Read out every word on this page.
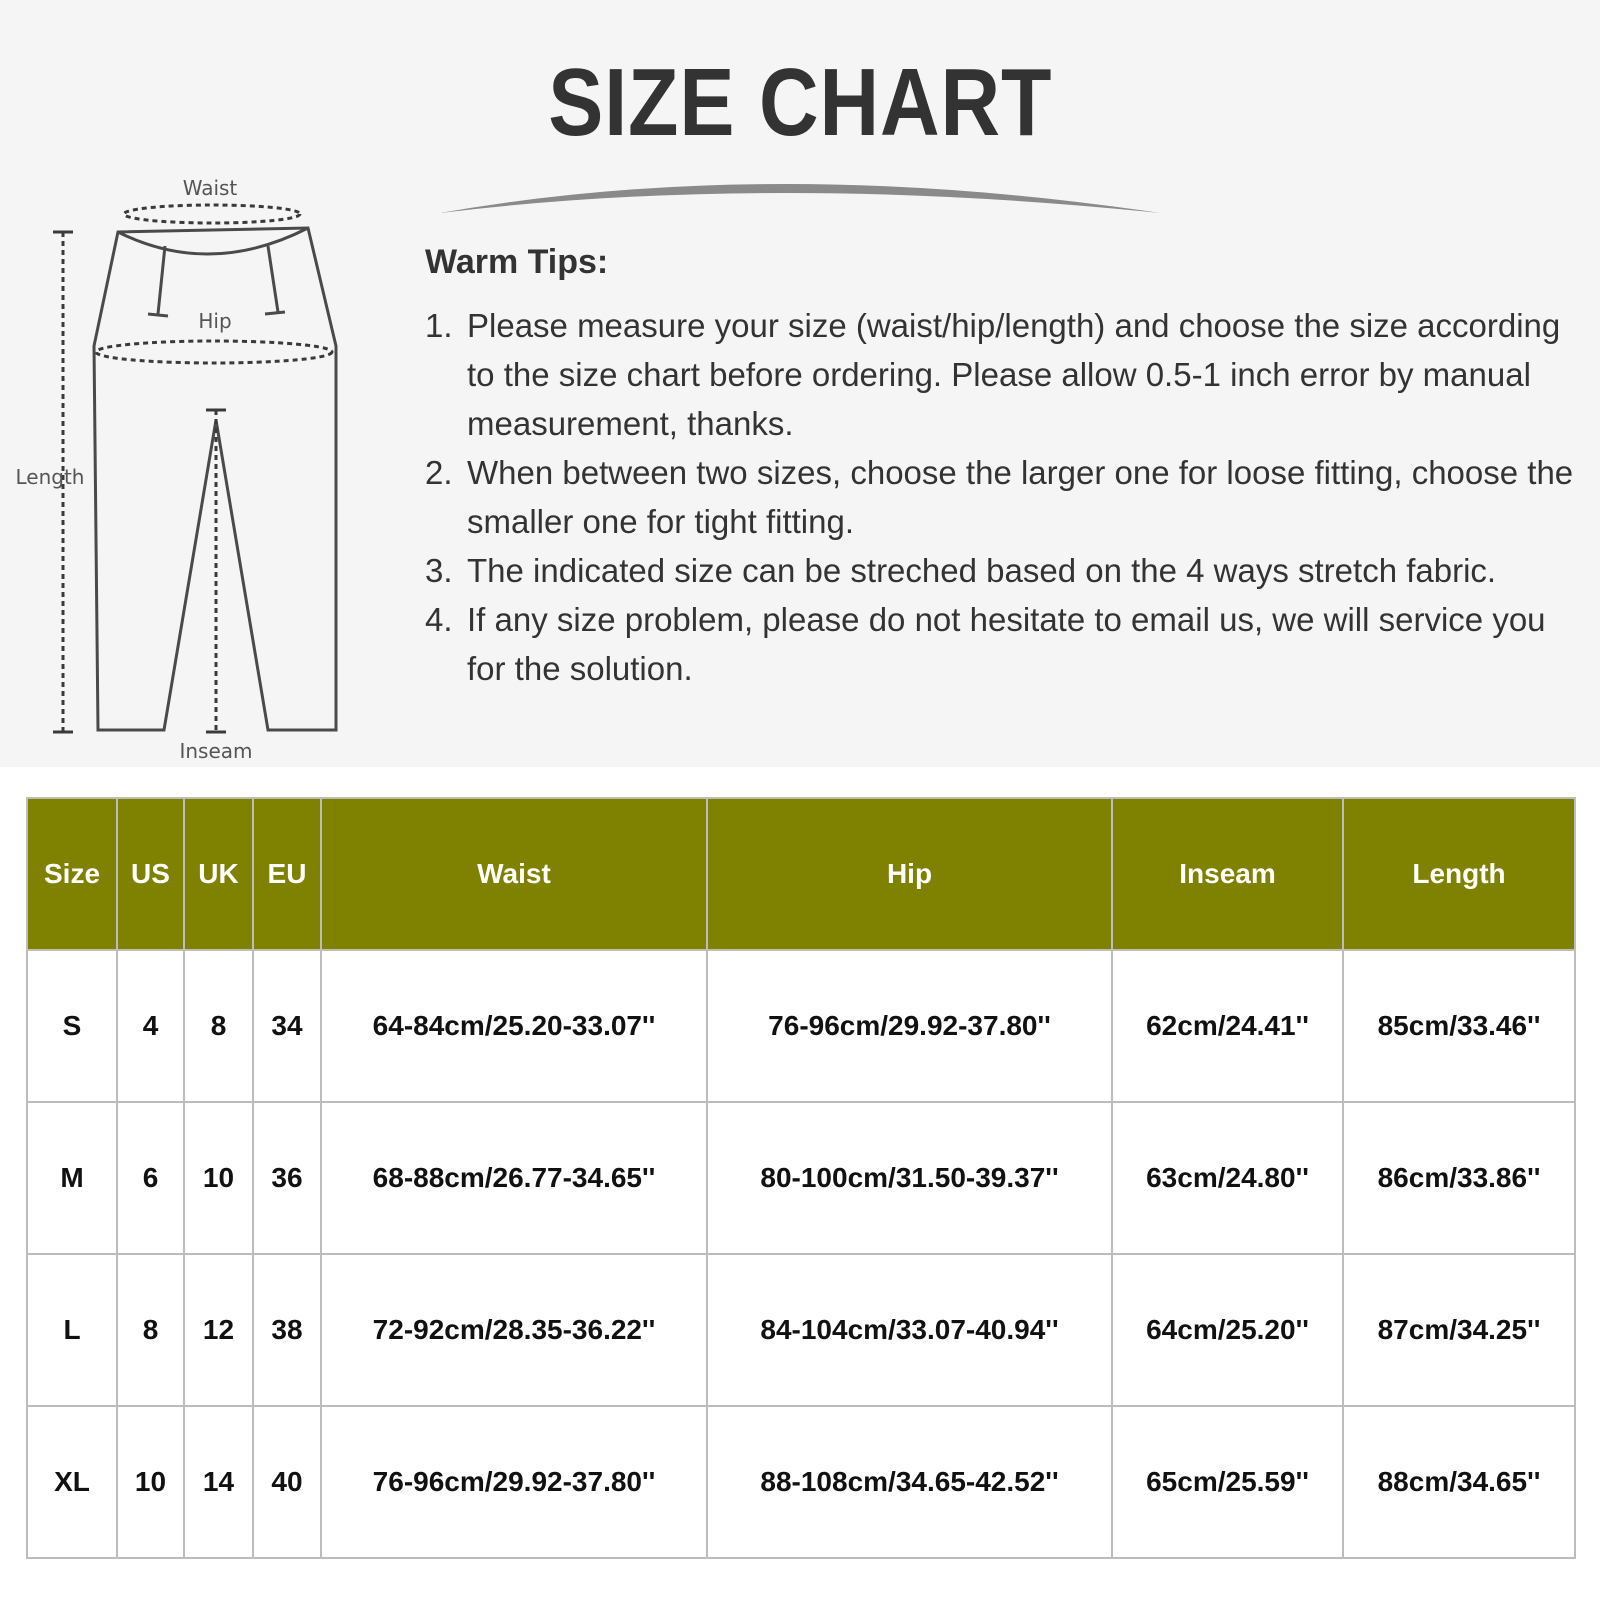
SIZE CHART
Waist
Hip
Length
Inseam

Warm Tips:

1. Please measure your size (waist/hip/length) and choose the size according to the size chart before ordering. Please allow 0.5-1 inch error by manual measurement, thanks.
2. When between two sizes, choose the larger one for loose fitting, choose the smaller one for tight fitting.
3. The indicated size can be streched based on the 4 ways stretch fabric.
4. If any size problem, please do not hesitate to email us, we will service you for the solution.
Size	US	UK	EU	Waist	Hip	Inseam	Length
S	4	8	34	64-84cm/25.20-33.07''	76-96cm/29.92-37.80''	62cm/24.41''	85cm/33.46''
M	6	10	36	68-88cm/26.77-34.65''	80-100cm/31.50-39.37''	63cm/24.80''	86cm/33.86''
L	8	12	38	72-92cm/28.35-36.22''	84-104cm/33.07-40.94''	64cm/25.20''	87cm/34.25''
XL	10	14	40	76-96cm/29.92-37.80''	88-108cm/34.65-42.52''	65cm/25.59''	88cm/34.65''
